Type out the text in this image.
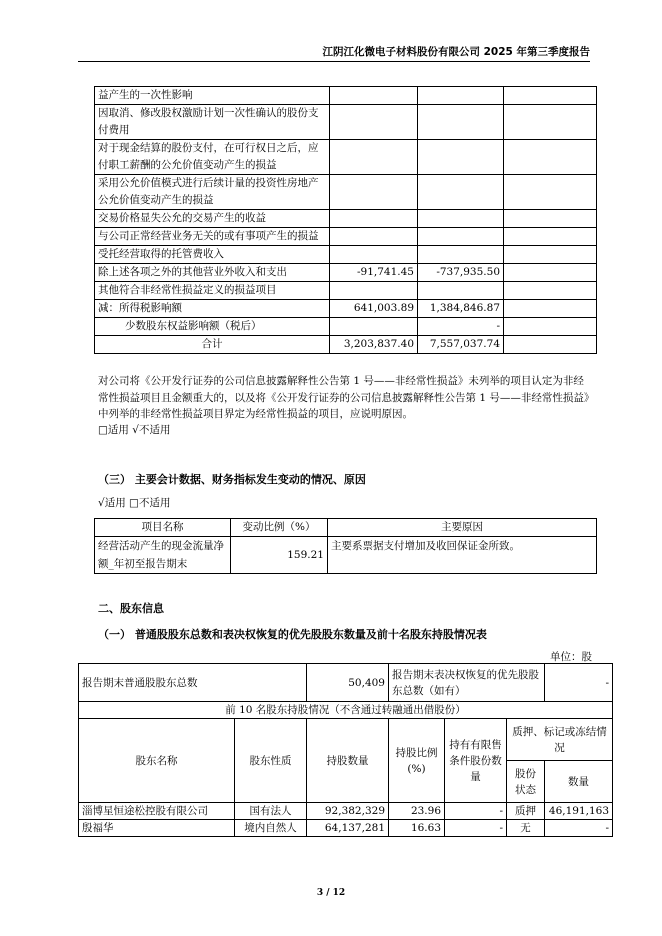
江阴江化微电子材料股份有限公司 2025 年第三季度报告
益产生的一次性影响			
因取消、修改股权激励计划一次性确认的股份支付费用			
对于现金结算的股份支付，在可行权日之后，应付职工薪酬的公允价值变动产生的损益			
采用公允价值模式进行后续计量的投资性房地产公允价值变动产生的损益			
交易价格显失公允的交易产生的收益			
与公司正常经营业务无关的或有事项产生的损益			
受托经营取得的托管费收入			
除上述各项之外的其他营业外收入和支出	-91,741.45	-737,935.50	
其他符合非经常性损益定义的损益项目			
减：所得税影响额	641,003.89	1,384,846.87	
少数股东权益影响额（税后）		-	
合计	3,203,837.40	7,557,037.74	
对公司将《公开发行证券的公司信息披露解释性公告第 1 号——非经常性损益》未列举的项目认定为非经常性损益项目且金额重大的，以及将《公开发行证券的公司信息披露解释性公告第 1 号——非经常性损益》中列举的非经常性损益项目界定为经常性损益的项目，应说明原因。
□适用 √不适用
（三） 主要会计数据、财务指标发生变动的情况、原因
√适用 □不适用
项目名称	变动比例（%）	主要原因
经营活动产生的现金流量净额_年初至报告期末	159.21	主要系票据支付增加及收回保证金所致。
二、股东信息
（一） 普通股股东总数和表决权恢复的优先股股东数量及前十名股东持股情况表
单位：股
报告期末普通股股东总数		50,409	报告期末表决权恢复的优先股股东总数（如有）			-
前 10 名股东持股情况（不含通过转融通出借股份）						
股东名称	股东性质	持股数量	持股比例(%)	持有有限售条件股份数量	质押、标记或冻结情况	
					股份状态	数量
淄博星恒途松控股有限公司	国有法人	92,382,329	23.96	-	质押	46,191,163
殷福华	境内自然人	64,137,281	16.63	-	无	-
3 / 12
